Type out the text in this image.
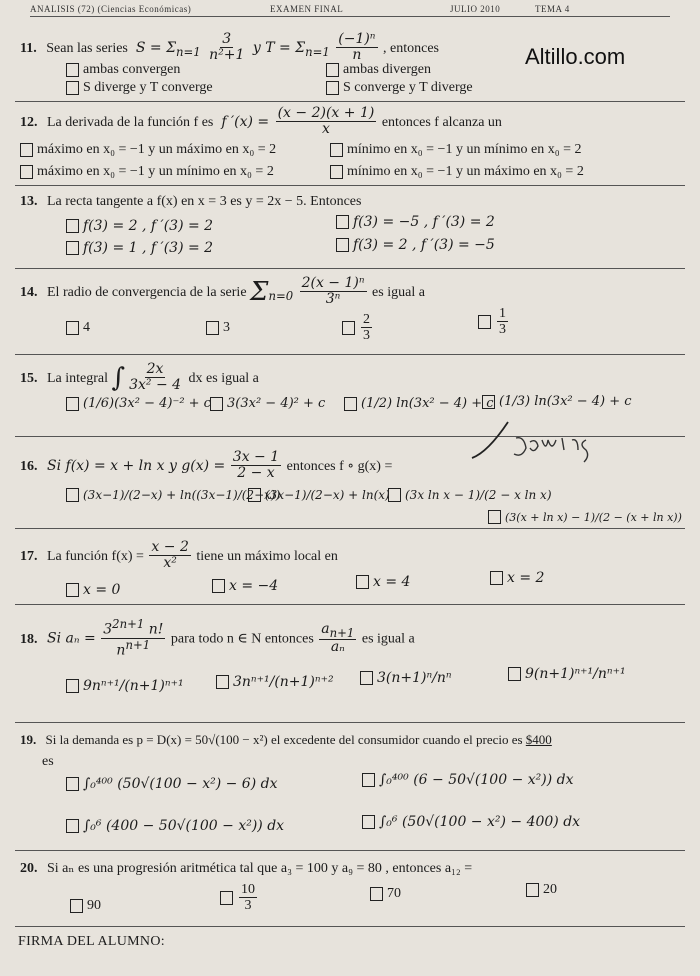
ANALISIS (72) (Ciencias Económicas)	EXAMEN FINAL	JULIO 2010	TEMA 4
Altillo.com
11. Sean las series  $S = \Sigma_{n=1} \frac{3}{\text{n²+1}}$ y $T = \Sigma_{n=1} \frac{\text{(−1)ⁿ}}{n}$ , entonces
ambas convergen	ambas divergen
S diverge y T converge	S converge y T diverge
12. La derivada de la función f es  f $'(x) = \frac{(x - 2)(x + 1)}{x}$ entonces f alcanza un
máximo en x₀ = −1 y un máximo en x₀ = 2	mínimo en x₀ = −1 y un mínimo en x₀ = 2
máximo en x₀ = −1 y un mínimo en x₀ = 2	mínimo en x₀ = −1 y un máximo en x₀ = 2
13. La recta tangente a f(x) en x = 3 es y = 2x − 5. Entonces
f(3) = 2 , f ′(3) = 2	f(3) = −5 , f ′(3) = 2
f(3) = 1 , f ′(3) = 2	f(3) = 2 , f ′(3) = −5
14. El radio de convergencia de la serie $\Sigma_{n=0} \frac{\text{2(x − 1)ⁿ}}{\text{3ⁿ}}$ es igual a
4	3	$\frac{2}{3}$	$\frac{1}{3}$
15. La integral ∫ $\frac{2x}{\text{3x² − 4}}$ dx es igual a
(1/6)(3x² − 4)⁻² + c 3(3x² − 4)² + c	(1/2) ln(3x² − 4) + c (1/3) ln(3x² − 4) + c
16. Si f(x) = x + ln x y $g(x) = \frac{3x - 1}{2 - x}$ entonces f ∘ g(x) =
(3x−1)/(2−x) + ln((3x−1)/(2−x))
(3x−1)/(2−x) + ln(x) (3x ln x − 1)/(2 − x ln x)
(3(x + ln x) − 1)/(2 − (x + ln x))
17. La función $f(x) = \frac{x - 2}{\text{x²}}$ tiene un máximo local en
x = 0	x = −4	x = 4	x = 2
18. Si $a_n = \frac{3^{2n+1} n!}{n^{n+1}}$ para todo n ∈ N entonces $\frac{a_{n+1}}{\text{aₙ}}$ es igual a
9nⁿ⁺¹/(n+1)ⁿ⁺¹	3nⁿ⁺¹/(n+1)ⁿ⁺²	3(n+1)ⁿ/nⁿ	9(n+1)ⁿ⁺¹/nⁿ⁺¹
19. Si la demanda es p = D(x) = 50√(100 − x²) el excedente del consumidor cuando el precio es $400
es
∫₀⁴⁰⁰ (50√(100 − x²) − 6) dx	∫₀⁴⁰⁰ (6 − 50√(100 − x²)) dx
∫₀⁶ (400 − 50√(100 − x²)) dx	∫₀⁶ (50√(100 − x²) − 400) dx
20. Si aₙ es una progresión aritmética tal que a₃ = 100 y a₉ = 80 , entonces a₁₂ =
90	$\frac{10}{3}$	70	20
FIRMA DEL ALUMNO:
